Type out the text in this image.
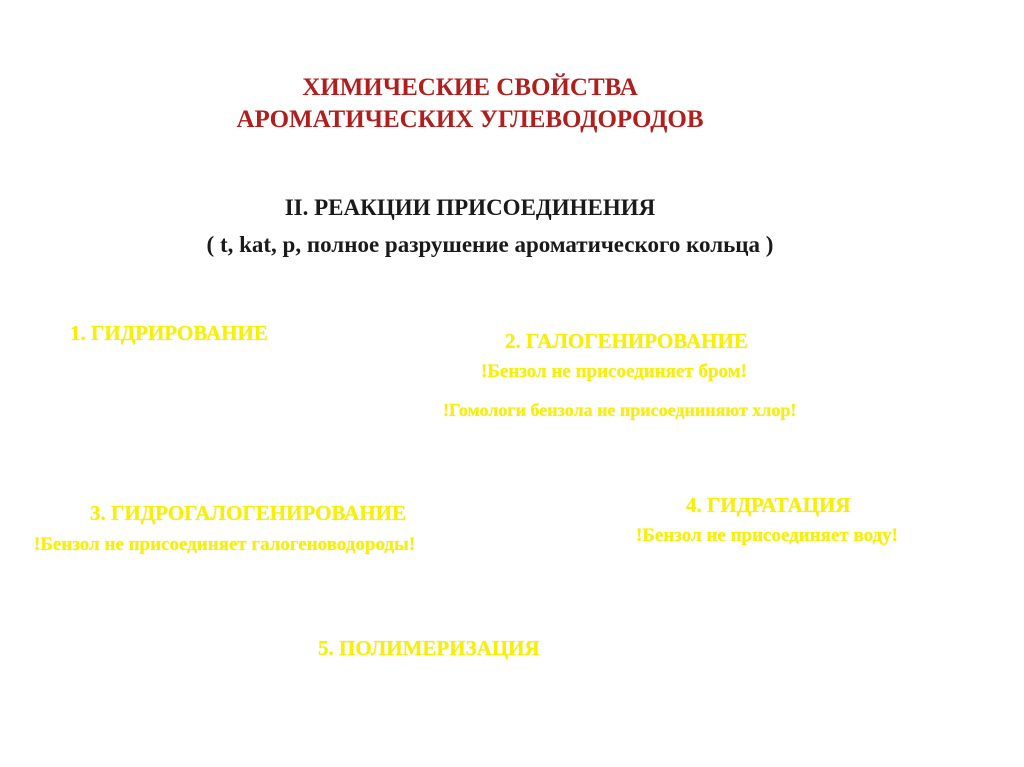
ХИМИЧЕСКИЕ СВОЙСТВА
АРОМАТИЧЕСКИХ УГЛЕВОДОРОДОВ
II. РЕАКЦИИ ПРИСОЕДИНЕНИЯ
( t, kat, p, полное разрушение ароматического кольца )
1. ГИДРИРОВАНИЕ	2. ГАЛОГЕНИРОВАНИЕ
!Бензол не присоединяет бром!
!Гомологи бензола не присоедниняют хлор!
3. ГИДРОГАЛОГЕНИРОВАНИЕ
!Бензол не присоединяет галогеноводороды!
4. ГИДРАТАЦИЯ
!Бензол не присоединяет воду!
5. ПОЛИМЕРИЗАЦИЯ
